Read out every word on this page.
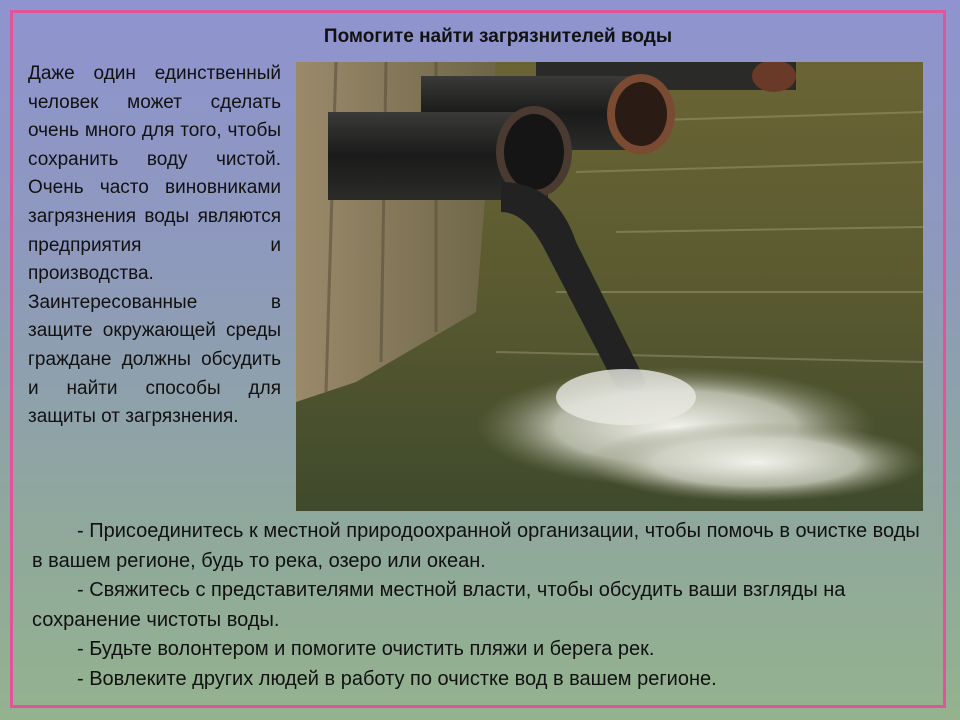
Помогите найти загрязнителей воды
Даже один единственный человек может сделать очень много для того, чтобы сохранить воду чистой. Очень часто виновниками загрязнения воды являются предприятия и производства. Заинтересованные в защите окружающей среды граждане должны обсудить и найти способы для защиты от загрязнения.
- Присоединитесь к местной природоохранной организации, чтобы помочь в очистке воды в вашем регионе, будь то река, озеро или океан.
- Свяжитесь с представителями местной власти, чтобы обсудить ваши взгляды на сохранение чистоты воды.
- Будьте волонтером и помогите очистить пляжи и берега рек.
- Вовлеките других людей в работу по очистке вод в вашем регионе.
